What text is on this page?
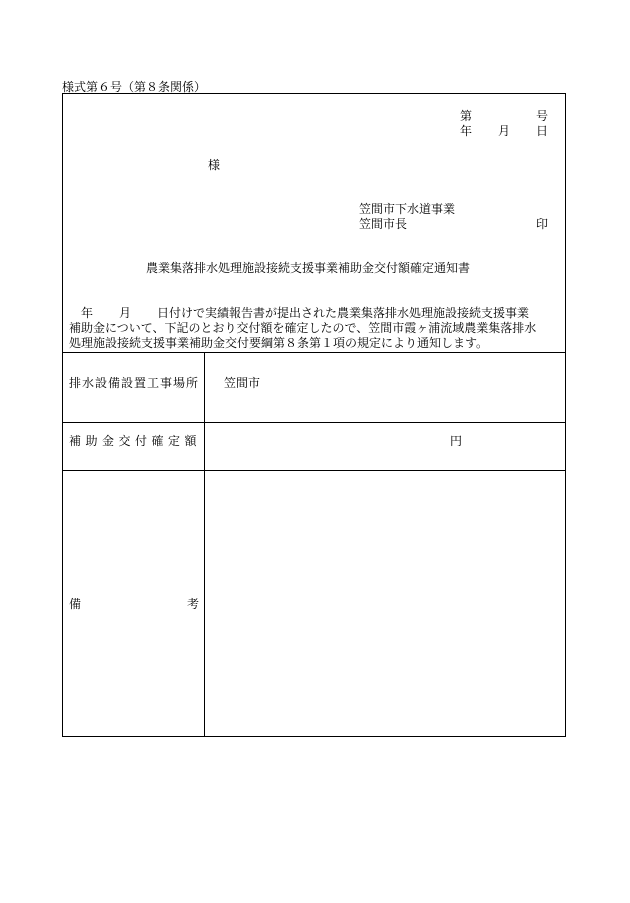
様式第６号（第８条関係）
第	号
年 月 日
様
笠間市下水道事業
笠間市長	印
農業集落排水処理施設接続支援事業補助金交付額確定通知書
年 月 日付けで実績報告書が提出された農業集落排水処理施設接続支援事業
補助金について、下記のとおり交付額を確定したので、笠間市霞ヶ浦流域農業集落排水
処理施設接続支援事業補助金交付要綱第８条第１項の規定により通知します。
排水設備設置工事場所 笠間市
補助金交付確定額	円
備	考
